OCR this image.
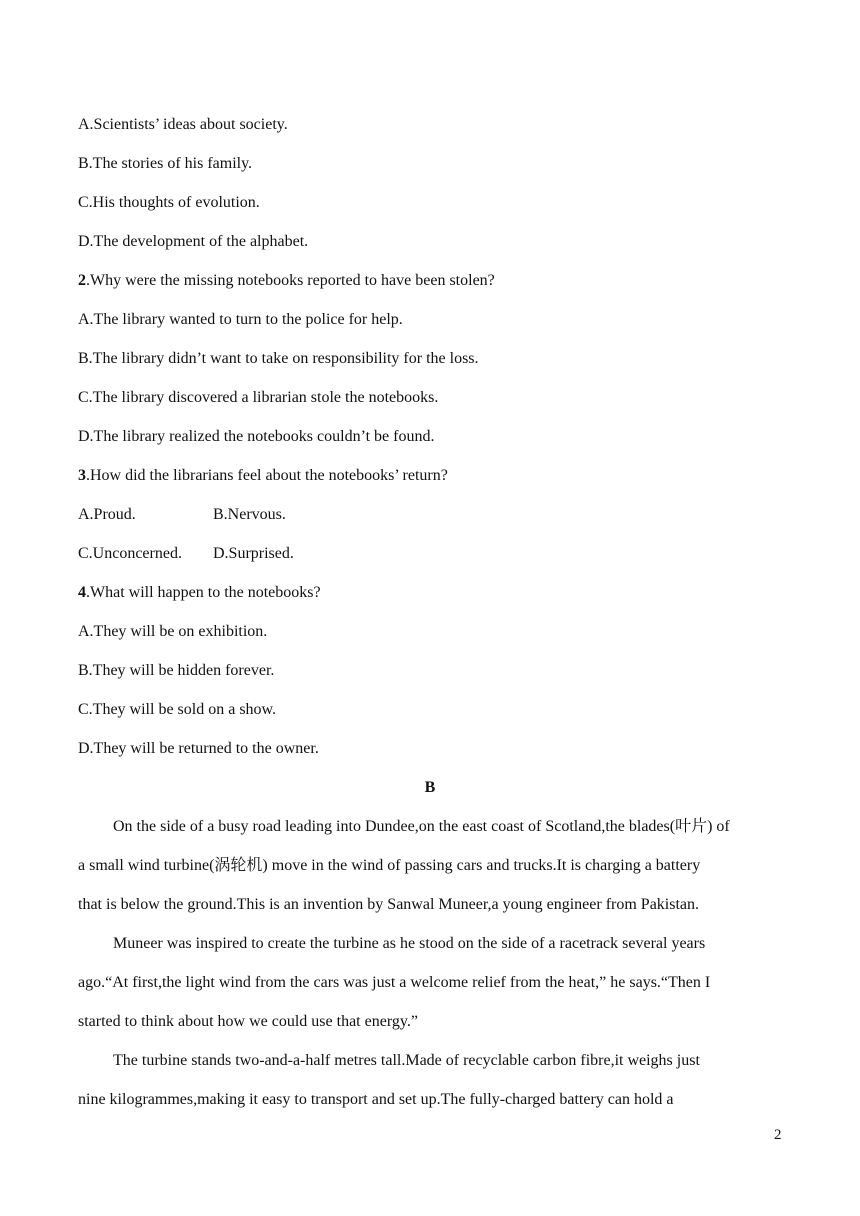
A.Scientists’ ideas about society.
B.The stories of his family.
C.His thoughts of evolution.
D.The development of the alphabet.
2.Why were the missing notebooks reported to have been stolen?
A.The library wanted to turn to the police for help.
B.The library didn’t want to take on responsibility for the loss.
C.The library discovered a librarian stole the notebooks.
D.The library realized the notebooks couldn’t be found.
3.How did the librarians feel about the notebooks’ return?
A.Proud.	B.Nervous.
C.Unconcerned. D.Surprised.
4.What will happen to the notebooks?
A.They will be on exhibition.
B.They will be hidden forever.
C.They will be sold on a show.
D.They will be returned to the owner.
B
On the side of a busy road leading into Dundee,on the east coast of Scotland,the blades(叶片) of
a small wind turbine(涡轮机) move in the wind of passing cars and trucks.It is charging a battery
that is below the ground.This is an invention by Sanwal Muneer,a young engineer from Pakistan.
Muneer was inspired to create the turbine as he stood on the side of a racetrack several years
ago.“At first,the light wind from the cars was just a welcome relief from the heat,” he says.“Then I
started to think about how we could use that energy.”
The turbine stands two-and-a-half metres tall.Made of recyclable carbon fibre,it weighs just
nine kilogrammes,making it easy to transport and set up.The fully-charged battery can hold a
2
